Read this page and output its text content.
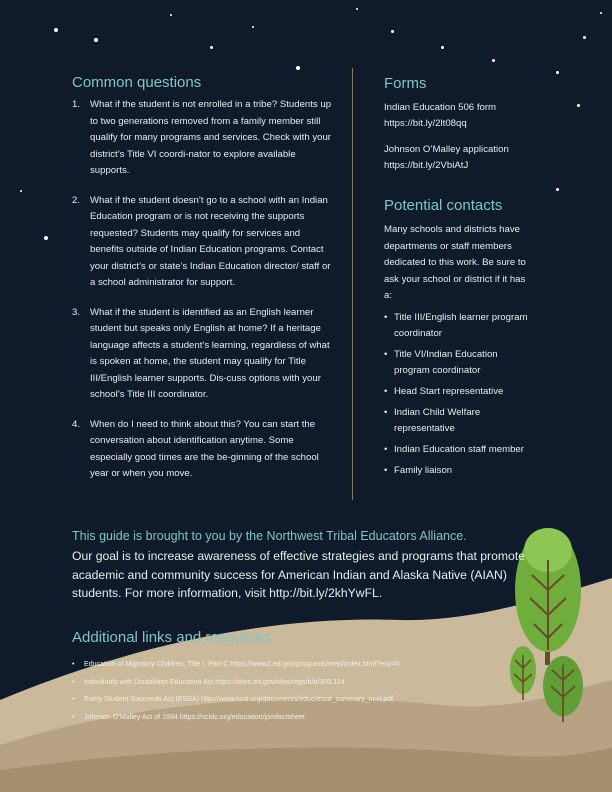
Common questions
1. What if the student is not enrolled in a tribe? Students up to two generations removed from a family member still qualify for many programs and services. Check with your district’s Title VI coordi-nator to explore available supports.
2. What if the student doesn’t go to a school with an Indian Education program or is not receiving the supports requested? Students may qualify for services and benefits outside of Indian Education programs. Contact your district’s or state’s Indian Education director/ staff or a school administrator for support.
3. What if the student is identified as an English learner student but speaks only English at home? If a heritage language affects a student’s learning, regardless of what is spoken at home, the student may qualify for Title III/English learner supports. Dis-cuss options with your school’s Title III coordinator.
4. When do I need to think about this? You can start the conversation about identification anytime. Some especially good times are the be-ginning of the school year or when you move.
Forms
Indian Education 506 form
https://bit.ly/2lt08qq
Johnson O’Malley application
https://bit.ly/2VbiAtJ
Potential contacts
Many schools and districts have departments or staff members dedicated to this work. Be sure to ask your school or district if it has a:
• Title III/English learner program coordinator
• Title VI/Indian Education program coordinator
• Head Start representative
• Indian Child Welfare representative
• Indian Education staff member
• Family liaison
This guide is brought to you by the Northwest Tribal Educators Alliance.
Our goal is to increase awareness of effective strategies and programs that promote academic and community success for American Indian and Alaska Native (AIAN) students. For more information, visit http://bit.ly/2khYwFL.
Additional links and resources
• Education of Migratory Children, Title I, Part C https://www2.ed.gov/programs/mep/index.html?exp=0
• Individuals with Disabilities Education Act https://sites.ed.gov/idea/regs/b/b/300.114
• Every Student Succeeds Act (ESSA) http://www.ncsl.org/documents/educ/essa_summary_ncsl.pdf
• Johnson O’Malley Act of 1934 https://ncidc.org/education/jomfactsheet
